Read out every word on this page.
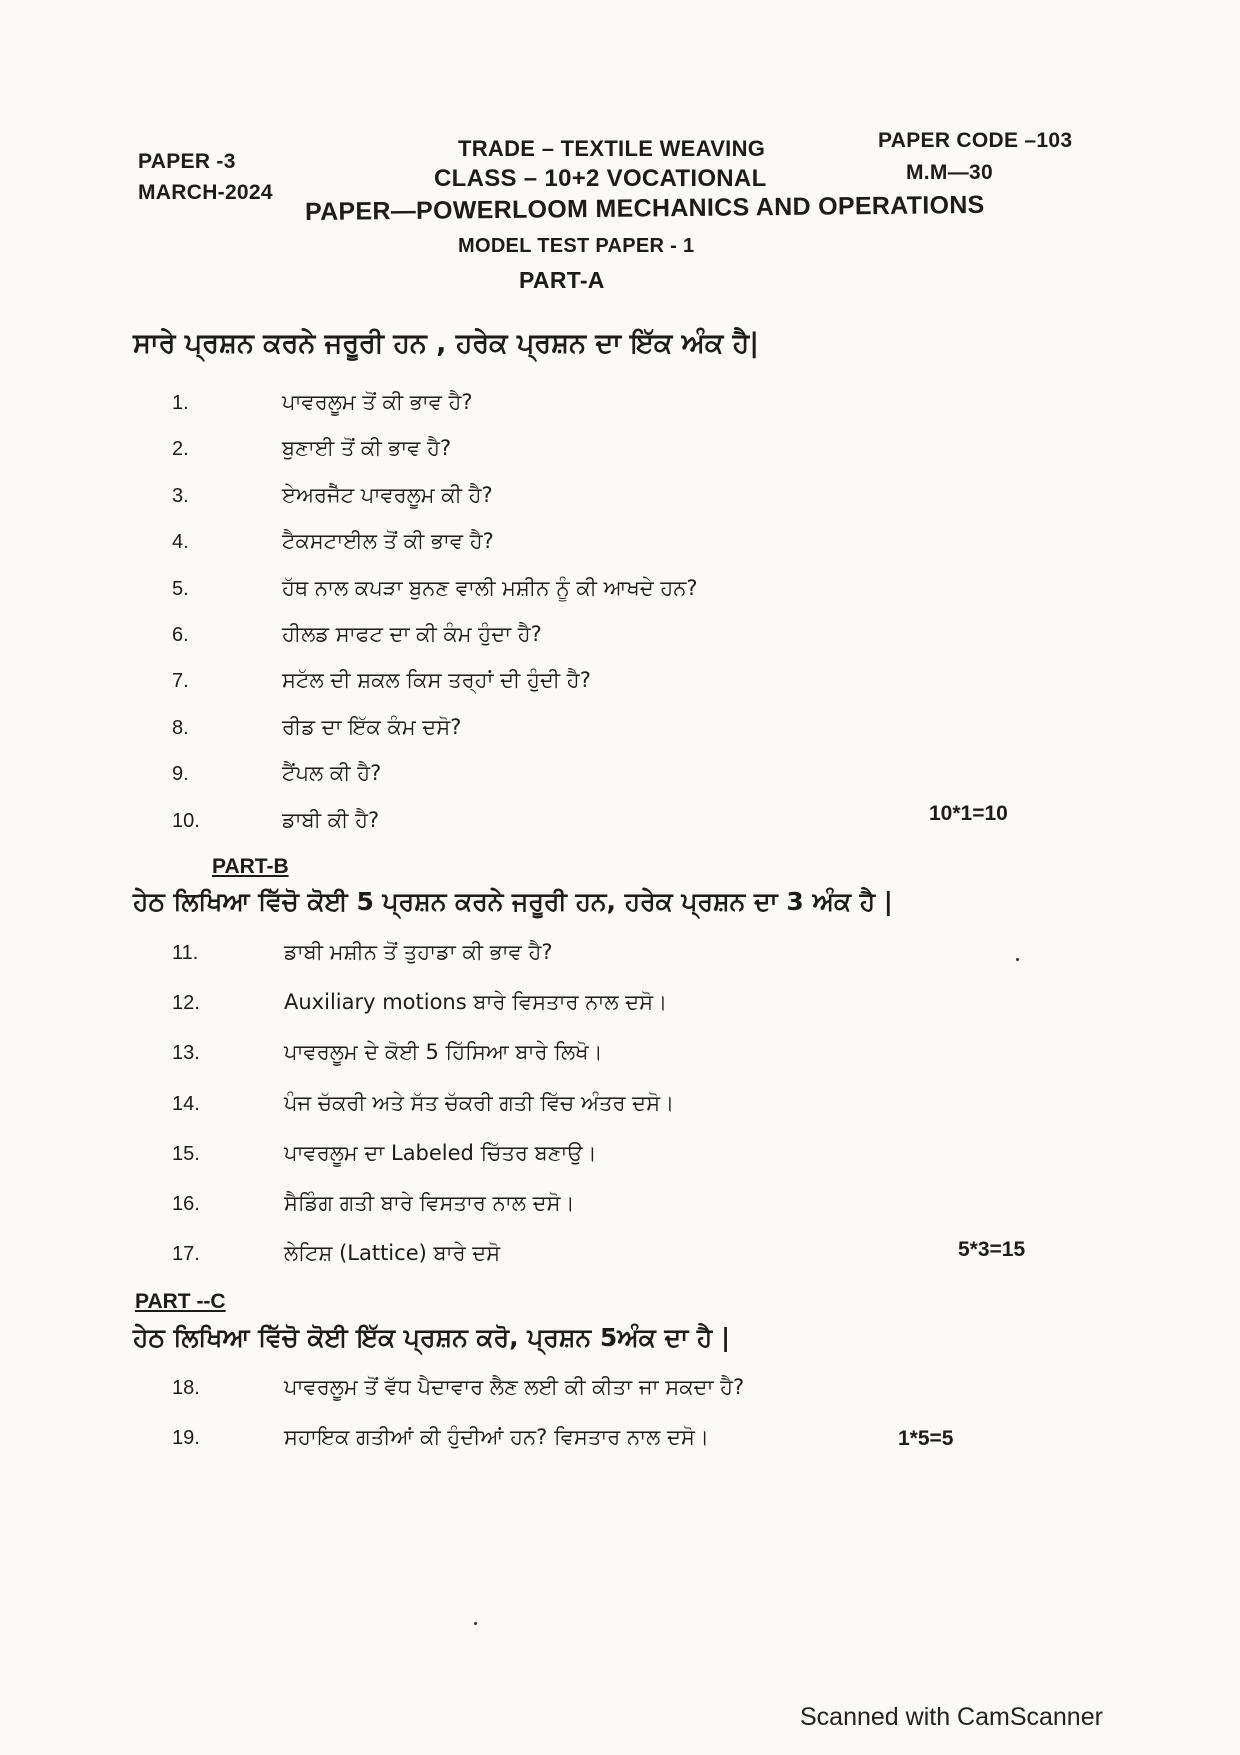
PAPER -3
MARCH-2024
TRADE – TEXTILE WEAVING
CLASS – 10+2 VOCATIONAL
PAPER CODE –103
M.M—30
PAPER—POWERLOOM MECHANICS AND OPERATIONS
MODEL TEST PAPER - 1
PART-A
ਸਾਰੇ ਪ੍ਰਸ਼ਨ ਕਰਨੇ ਜਰੂਰੀ ਹਨ , ਹਰੇਕ ਪ੍ਰਸ਼ਨ ਦਾ ਇੱਕ ਅੰਕ ਹੈ|
1.	ਪਾਵਰਲੂਮ ਤੋਂ ਕੀ ਭਾਵ ਹੈ?
2.	ਬੁਣਾਈ ਤੋਂ ਕੀ ਭਾਵ ਹੈ?
3.	ਏਅਰਜੈੱਟ ਪਾਵਰਲੂਮ ਕੀ ਹੈ?
4.	ਟੈਕਸਟਾਈਲ ਤੋਂ ਕੀ ਭਾਵ ਹੈ?
5.	ਹੱਥ ਨਾਲ ਕਪੜਾ ਬੁਨਣ ਵਾਲੀ ਮਸ਼ੀਨ ਨੂੰ ਕੀ ਆਖਦੇ ਹਨ?
6.	ਹੀਲਡ ਸਾਫਟ ਦਾ ਕੀ ਕੰਮ ਹੁੰਦਾ ਹੈ?
7.	ਸਟੱਲ ਦੀ ਸ਼ਕਲ ਕਿਸ ਤਰ੍ਹਾਂ ਦੀ ਹੁੰਦੀ ਹੈ?
8.	ਰੀਡ ਦਾ ਇੱਕ ਕੰਮ ਦਸੋ?
9.	ਟੈਂਪਲ ਕੀ ਹੈ?
10.	ਡਾਬੀ ਕੀ ਹੈ?	10*1=10
PART-B
ਹੇਠ ਲਿਖਿਆ ਵਿੱਚੋ ਕੋਈ 5 ਪ੍ਰਸ਼ਨ ਕਰਨੇ ਜਰੂਰੀ ਹਨ, ਹਰੇਕ ਪ੍ਰਸ਼ਨ ਦਾ 3 ਅੰਕ ਹੈ |
11.	ਡਾਬੀ ਮਸ਼ੀਨ ਤੋਂ ਤੁਹਾਡਾ ਕੀ ਭਾਵ ਹੈ?
12.	Auxiliary motions ਬਾਰੇ ਵਿਸਤਾਰ ਨਾਲ ਦਸੋ।
13.	ਪਾਵਰਲੂਮ ਦੇ ਕੋਈ 5 ਹਿੱਸਿਆ ਬਾਰੇ ਲਿਖੋ।
14.	ਪੰਜ ਚੱਕਰੀ ਅਤੇ ਸੱਤ ਚੱਕਰੀ ਗਤੀ ਵਿੱਚ ਅੰਤਰ ਦਸੋ।
15.	ਪਾਵਰਲੂਮ ਦਾ Labeled ਚਿੱਤਰ ਬਣਾਉ।
16.	ਸੈਡਿੰਗ ਗਤੀ ਬਾਰੇ ਵਿਸਤਾਰ ਨਾਲ ਦਸੋ।
17.	ਲੇਟਿਸ਼ (Lattice) ਬਾਰੇ ਦਸੋ	5*3=15
PART --C
ਹੇਠ ਲਿਖਿਆ ਵਿੱਚੋ ਕੋਈ ਇੱਕ ਪ੍ਰਸ਼ਨ ਕਰੋ, ਪ੍ਰਸ਼ਨ 5ਅੰਕ ਦਾ ਹੈ |
18.	ਪਾਵਰਲੂਮ ਤੋਂ ਵੱਧ ਪੈਦਾਵਾਰ ਲੈਣ ਲਈ ਕੀ ਕੀਤਾ ਜਾ ਸਕਦਾ ਹੈ?
19.	ਸਹਾਇਕ ਗਤੀਆਂ ਕੀ ਹੁੰਦੀਆਂ ਹਨ? ਵਿਸਤਾਰ ਨਾਲ ਦਸੋ।	1*5=5
Scanned with CamScanner
